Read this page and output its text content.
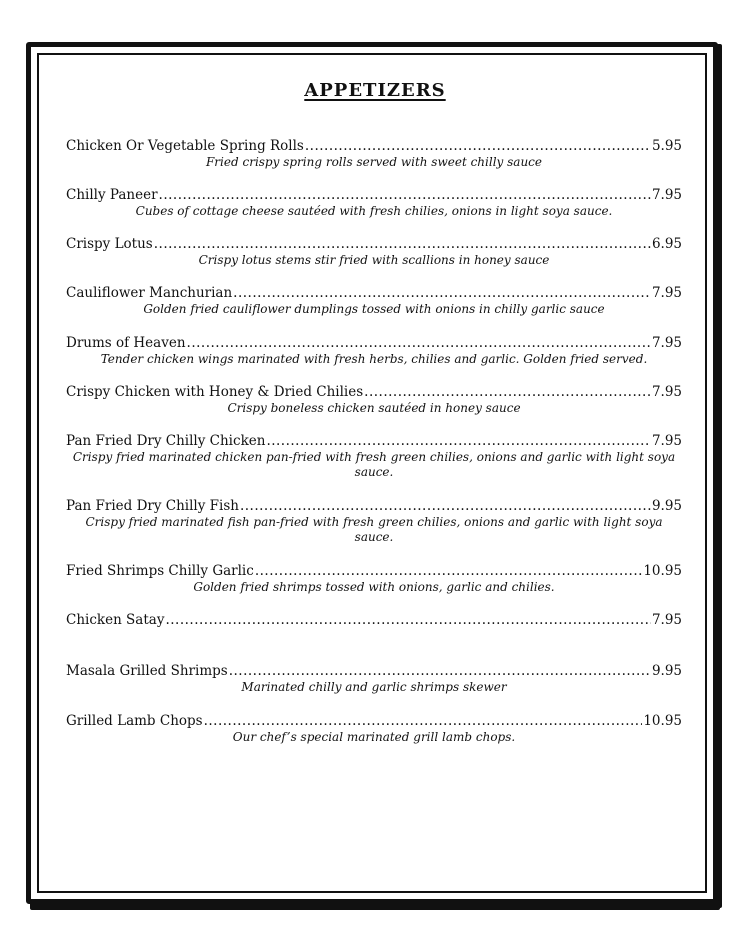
APPETIZERS
Chicken Or Vegetable Spring Rolls .....	5.95
Fried crispy spring rolls served with sweet chilly sauce
Chilly Paneer .....	7.95
Cubes of cottage cheese sautéed with fresh chilies, onions in light soya sauce.
Crispy Lotus .....	6.95
Crispy lotus stems stir fried with scallions in honey sauce
Cauliflower Manchurian .....	7.95
Golden fried cauliflower dumplings tossed with onions in chilly garlic sauce
Drums of Heaven .....	7.95
Tender chicken wings marinated with fresh herbs, chilies and garlic. Golden fried served.
Crispy Chicken with Honey & Dried Chilies .....	7.95
Crispy boneless chicken sautéed in honey sauce
Pan Fried Dry Chilly Chicken .....	7.95
Crispy fried marinated chicken pan-fried with fresh green chilies, onions and garlic with light soya sauce.
Pan Fried Dry Chilly Fish .....	9.95
Crispy fried marinated fish pan-fried with fresh green chilies, onions and garlic with light soya sauce.
Fried Shrimps Chilly Garlic .....	10.95
Golden fried shrimps tossed with onions, garlic and chilies.
Chicken Satay .....	7.95
Masala Grilled Shrimps .....	9.95
Marinated chilly and garlic shrimps skewer
Grilled Lamb Chops .....	10.95
Our chef’s special marinated grill lamb chops.
